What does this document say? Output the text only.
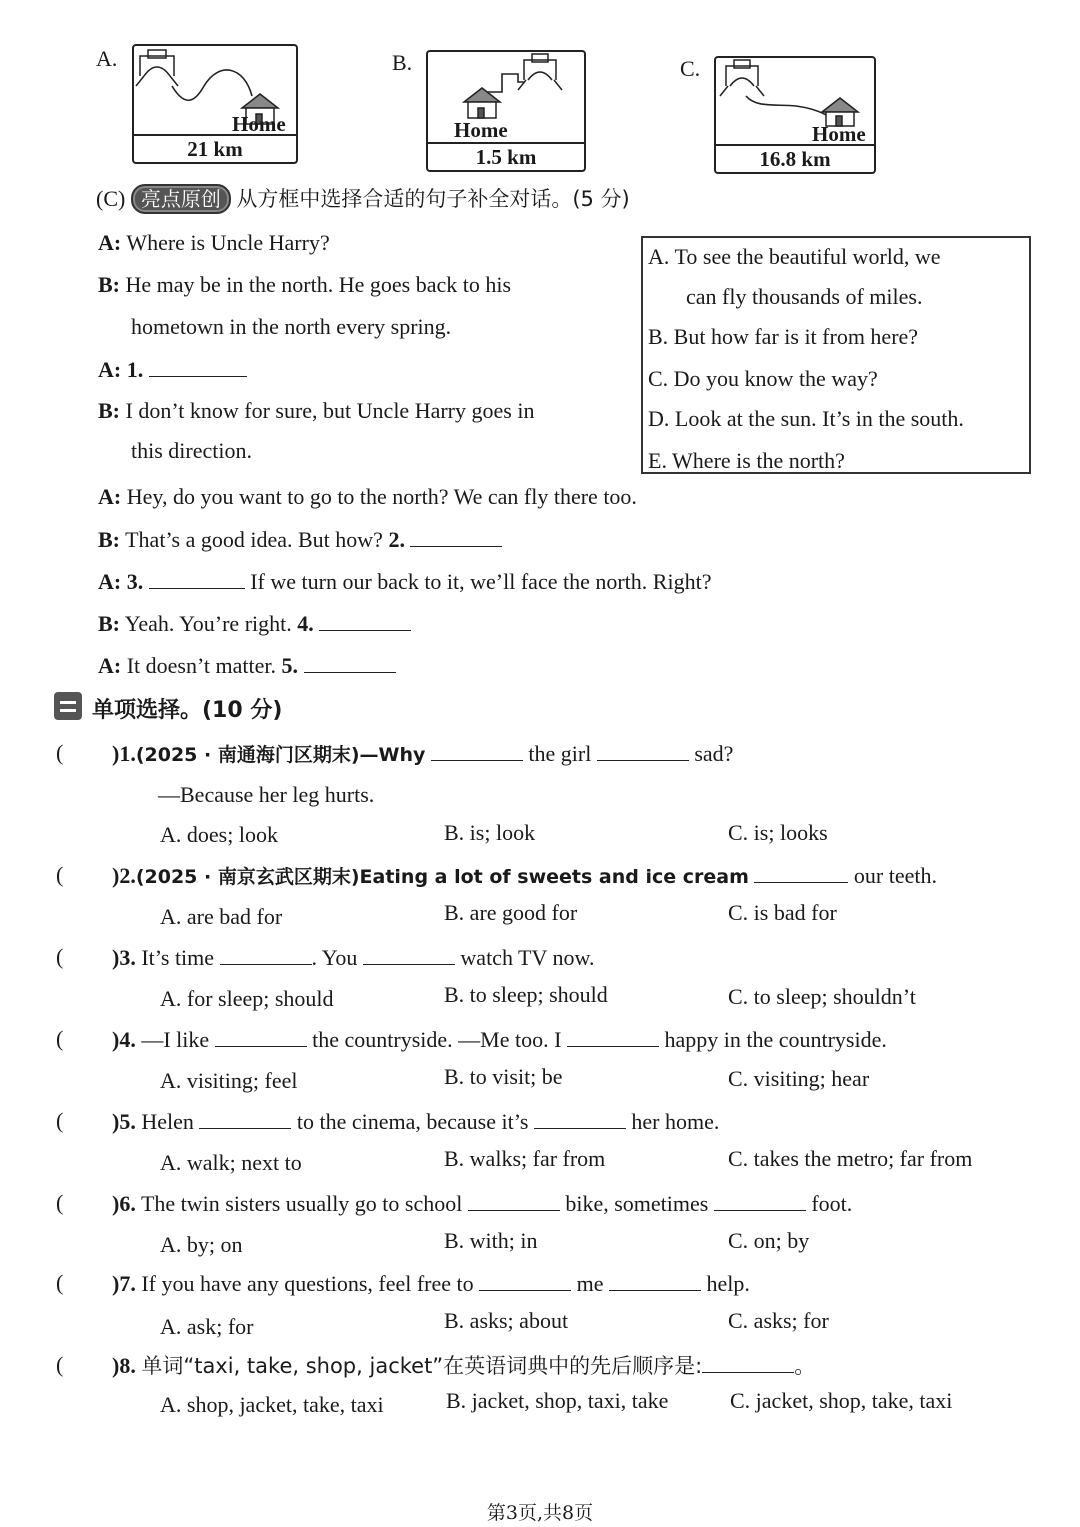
A.
Home
21 km
B.
Home
1.5 km
C.
Home
16.8 km
(C) 亮点原创 从方框中选择合适的句子补全对话。(5 分)
A: Where is Uncle Harry?
B: He may be in the north. He goes back to his
hometown in the north every spring.
A: 1.
B: I don’t know for sure, but Uncle Harry goes in
this direction.
A: Hey, do you want to go to the north? We can fly there too.
B: That’s a good idea. But how? 2.
A: 3.	If we turn our back to it, we’ll face the north. Right?
B: Yeah. You’re right. 4.
A: It doesn’t matter. 5.
A. To see the beautiful world, we
can fly thousands of miles.
B. But how far is it from here?
C. Do you know the way?
D. Look at the sun. It’s in the south.
E. Where is the north?
单项选择。(10 分)
( )1.(2025 · 南通海门区期末)—Why	the girl	sad?
—Because her leg hurts.
A. does; look	B. is; look	C. is; looks
( )2.(2025 · 南京玄武区期末)Eating a lot of sweets and ice cream	our teeth.
A. are bad for	B. are good for	C. is bad for
( )3. It’s time	. You	watch TV now.
A. for sleep; should	B. to sleep; should	C. to sleep; shouldn’t
( )4. —I like	the countryside. —Me too. I	happy in the countryside.
A. visiting; feel	B. to visit; be	C. visiting; hear
( )5. Helen	to the cinema, because it’s	her home.
A. walk; next to	B. walks; far from	C. takes the metro; far from
( )6. The twin sisters usually go to school	bike, sometimes	foot.
A. by; on	B. with; in	C. on; by
( )7. If you have any questions, feel free to	me	help.
A. ask; for	B. asks; about	C. asks; for
( )8. 单词“taxi, take, shop, jacket”在英语词典中的先后顺序是:	。
A. shop, jacket, take, taxi	B. jacket, shop, taxi, take	C. jacket, shop, take, taxi
第3页,共8页
